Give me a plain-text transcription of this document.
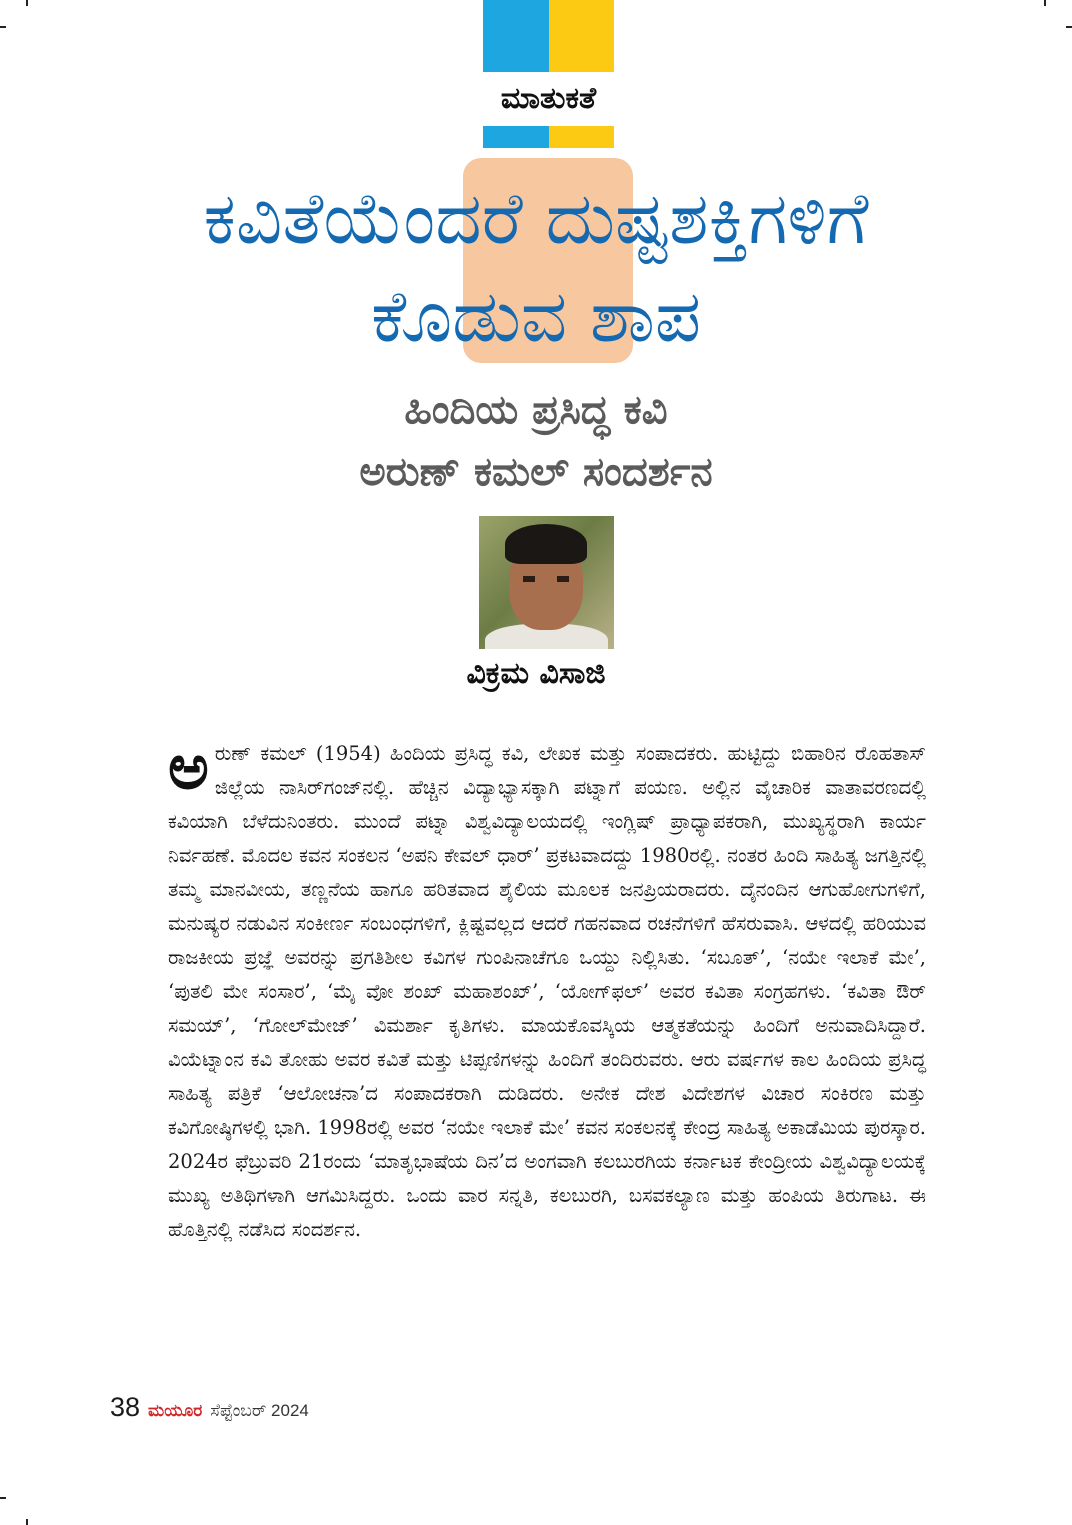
ಮಾತುಕತೆ
ಕವಿತೆಯೆಂದರೆ ದುಷ್ಟಶಕ್ತಿಗಳಿಗೆ
ಕೊಡುವ ಶಾಪ
ಹಿಂದಿಯ ಪ್ರಸಿದ್ಧ ಕವಿ
ಅರುಣ್ ಕಮಲ್ ಸಂದರ್ಶನ
ವಿಕ್ರಮ ವಿಸಾಜಿ

ಅರುಣ್ ಕಮಲ್ (1954) ಹಿಂದಿಯ ಪ್ರಸಿದ್ಧ ಕವಿ, ಲೇಖಕ ಮತ್ತು ಸಂಪಾದಕರು. ಹುಟ್ಟಿದ್ದು ಬಿಹಾರಿನ ರೊಹತಾಸ್ ಜಿಲ್ಲೆಯ ನಾಸಿರ್‌ಗಂಜ್‌ನಲ್ಲಿ. ಹೆಚ್ಚಿನ ವಿದ್ಯಾಭ್ಯಾಸಕ್ಕಾಗಿ ಪಟ್ನಾಗೆ ಪಯಣ. ಅಲ್ಲಿನ ವೈಚಾರಿಕ ವಾತಾವರಣದಲ್ಲಿ ಕವಿಯಾಗಿ ಬೆಳೆದುನಿಂತರು. ಮುಂದೆ ಪಟ್ನಾ ವಿಶ್ವವಿದ್ಯಾಲಯದಲ್ಲಿ ಇಂಗ್ಲಿಷ್ ಪ್ರಾಧ್ಯಾಪಕರಾಗಿ, ಮುಖ್ಯಸ್ಥರಾಗಿ ಕಾರ್ಯ ನಿರ್ವಹಣೆ. ಮೊದಲ ಕವನ ಸಂಕಲನ ‘ಅಪನಿ ಕೇವಲ್ ಧಾರ್’ ಪ್ರಕಟವಾದದ್ದು 1980ರಲ್ಲಿ. ನಂತರ ಹಿಂದಿ ಸಾಹಿತ್ಯ ಜಗತ್ತಿನಲ್ಲಿ ತಮ್ಮ ಮಾನವೀಯ, ತಣ್ಣನೆಯ ಹಾಗೂ ಹರಿತವಾದ ಶೈಲಿಯ ಮೂಲಕ ಜನಪ್ರಿಯರಾದರು. ದೈನಂದಿನ ಆಗುಹೋಗುಗಳಿಗೆ, ಮನುಷ್ಯರ ನಡುವಿನ ಸಂಕೀರ್ಣ ಸಂಬಂಧಗಳಿಗೆ, ಕ್ಲಿಷ್ಟವಲ್ಲದ ಆದರೆ ಗಹನವಾದ ರಚನೆಗಳಿಗೆ ಹೆಸರುವಾಸಿ. ಆಳದಲ್ಲಿ ಹರಿಯುವ ರಾಜಕೀಯ ಪ್ರಜ್ಞೆ ಅವರನ್ನು ಪ್ರಗತಿಶೀಲ ಕವಿಗಳ ಗುಂಪಿನಾಚೆಗೂ ಒಯ್ದು ನಿಲ್ಲಿಸಿತು. ‘ಸಬೂತ್’, ‘ನಯೇ ಇಲಾಕೆ ಮೇ’, ‘ಪುತಲಿ ಮೇ ಸಂಸಾರ’, ‘ಮೈ ವೋ ಶಂಖ್ ಮಹಾಶಂಖ್’, ‘ಯೋಗ್‌ಫಲ್’ ಅವರ ಕವಿತಾ ಸಂಗ್ರಹಗಳು. ‘ಕವಿತಾ ಔರ್ ಸಮಯ್’, ‘ಗೋಲ್‌ಮೇಜ್’ ವಿಮರ್ಶಾ ಕೃತಿಗಳು. ಮಾಯಕೊವಸ್ಕಿಯ ಆತ್ಮಕತೆಯನ್ನು ಹಿಂದಿಗೆ ಅನುವಾದಿಸಿದ್ದಾರೆ. ವಿಯೆಟ್ನಾಂನ ಕವಿ ತೋಹು ಅವರ ಕವಿತೆ ಮತ್ತು ಟಿಪ್ಪಣಿಗಳನ್ನು ಹಿಂದಿಗೆ ತಂದಿರುವರು. ಆರು ವರ್ಷಗಳ ಕಾಲ ಹಿಂದಿಯ ಪ್ರಸಿದ್ಧ ಸಾಹಿತ್ಯ ಪತ್ರಿಕೆ ‘ಆಲೋಚನಾ’ದ ಸಂಪಾದಕರಾಗಿ ದುಡಿದರು. ಅನೇಕ ದೇಶ ವಿದೇಶಗಳ ವಿಚಾರ ಸಂಕಿರಣ ಮತ್ತು ಕವಿಗೋಷ್ಠಿಗಳಲ್ಲಿ ಭಾಗಿ. 1998ರಲ್ಲಿ ಅವರ ‘ನಯೇ ಇಲಾಕೆ ಮೇ’ ಕವನ ಸಂಕಲನಕ್ಕೆ ಕೇಂದ್ರ ಸಾಹಿತ್ಯ ಅಕಾಡೆಮಿಯ ಪುರಸ್ಕಾರ. 2024ರ ಫೆಬ್ರುವರಿ 21ರಂದು ‘ಮಾತೃಭಾಷೆಯ ದಿನ’ದ ಅಂಗವಾಗಿ ಕಲಬುರಗಿಯ ಕರ್ನಾಟಕ ಕೇಂದ್ರೀಯ ವಿಶ್ವವಿದ್ಯಾಲಯಕ್ಕೆ ಮುಖ್ಯ ಅತಿಥಿಗಳಾಗಿ ಆಗಮಿಸಿದ್ದರು. ಒಂದು ವಾರ ಸನ್ನತಿ, ಕಲಬುರಗಿ, ಬಸವಕಲ್ಯಾಣ ಮತ್ತು ಹಂಪಿಯ ತಿರುಗಾಟ. ಈ ಹೊತ್ತಿನಲ್ಲಿ ನಡೆಸಿದ ಸಂದರ್ಶನ.

38 ಮಯೂರ ಸೆಪ್ಟೆಂಬರ್ 2024
